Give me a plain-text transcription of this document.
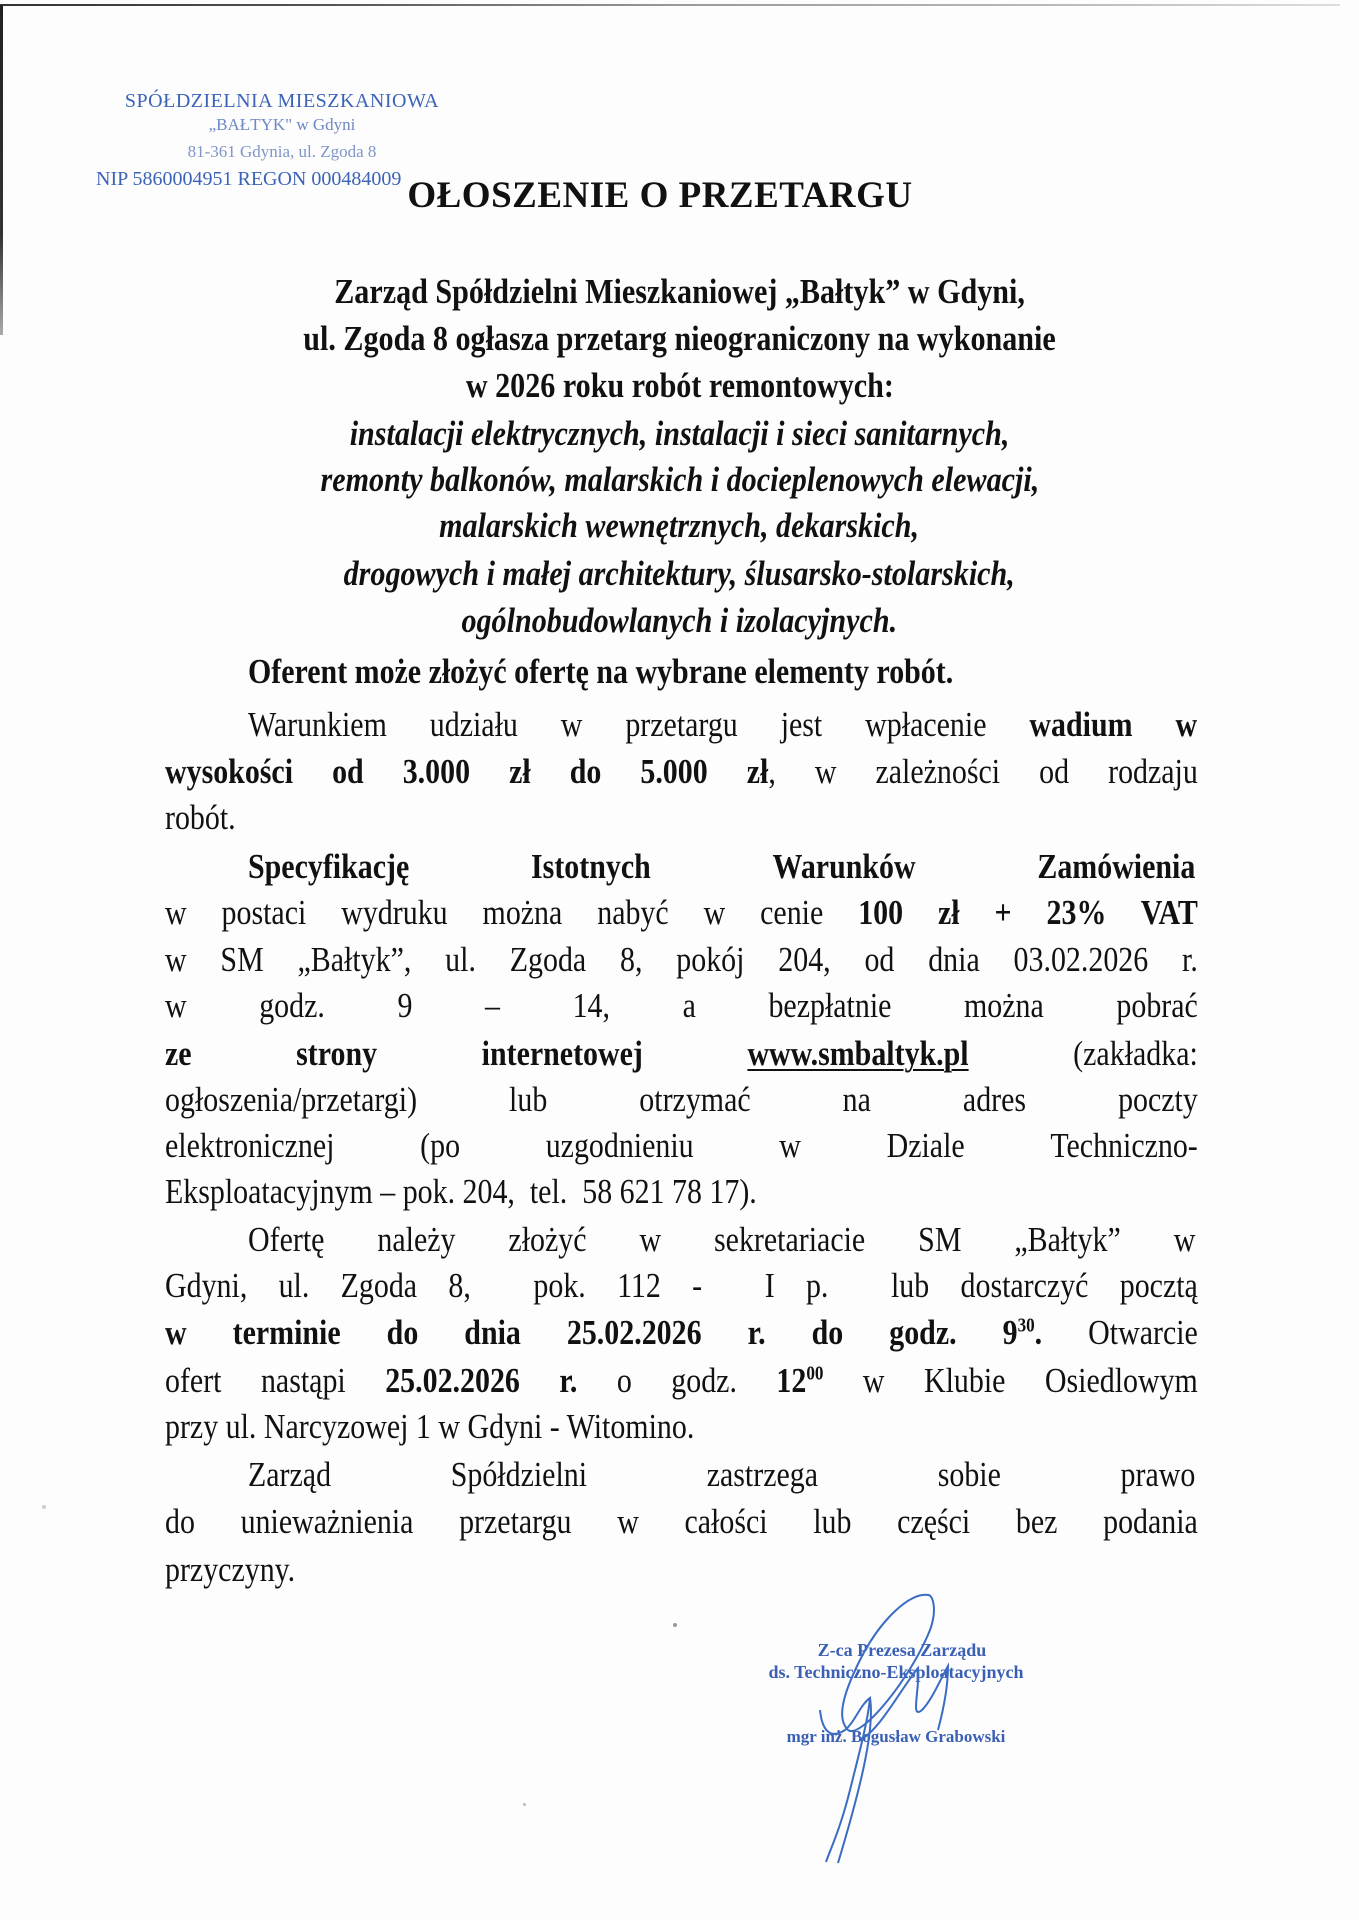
SPÓŁDZIELNIA MIESZKANIOWA
„BAŁTYK" w Gdyni
81-361 Gdynia, ul. Zgoda 8
NIP 5860004951 REGON 000484009 OŁOSZENIE O PRZETARGU
Zarząd Spółdzielni Mieszkaniowej „Bałtyk” w Gdyni,
ul. Zgoda 8 ogłasza przetarg nieograniczony na wykonanie
w 2026 roku robót remontowych:
instalacji elektrycznych, instalacji i sieci sanitarnych,
remonty balkonów, malarskich i docieplenowych elewacji,
malarskich wewnętrznych, dekarskich,
drogowych i małej architektury, ślusarsko-stolarskich,
ogólnobudowlanych i izolacyjnych.
Oferent może złożyć ofertę na wybrane elementy robót.
Warunkiem udziału w przetargu jest wpłacenie wadium w
wysokości od 3.000 zł do 5.000 zł, w zależności od rodzaju
robót.
Specyfikację	Istotnych	Warunków	Zamówienia
w postaci wydruku można nabyć w cenie 100 zł + 23% VAT
w SM „Bałtyk”, ul. Zgoda 8, pokój 204, od dnia 03.02.2026 r.
w godz. 9 – 14, a bezpłatnie można pobrać
ze	strony	internetowej	www.smbaltyk.pl	(zakładka:
ogłoszenia/przetargi)	lub	otrzymać	na	adres	poczty
elektronicznej (po uzgodnieniu w Dziale Techniczno-
Eksploatacyjnym – pok. 204,  tel.  58 621 78 17).
Ofertę należy złożyć w sekretariacie SM „Bałtyk” w
Gdyni, ul. Zgoda 8,  pok. 112 -  I p.  lub dostarczyć pocztą
w terminie do dnia 25.02.2026 r. do godz. $9^{30}$. Otwarcie
ofert nastąpi 25.02.2026 r. o godz. $12^{00}$ w Klubie Osiedlowym
przy ul. Narcyzowej 1 w Gdyni - Witomino.
Zarząd	Spółdzielni	zastrzega	sobie	prawo
do unieważnienia przetargu w całości lub części bez podania
przyczyny.
Z-ca Prezesa Zarządu
ds. Techniczno-Eksploatacyjnych
mgr inż. Bogusław Grabowski
